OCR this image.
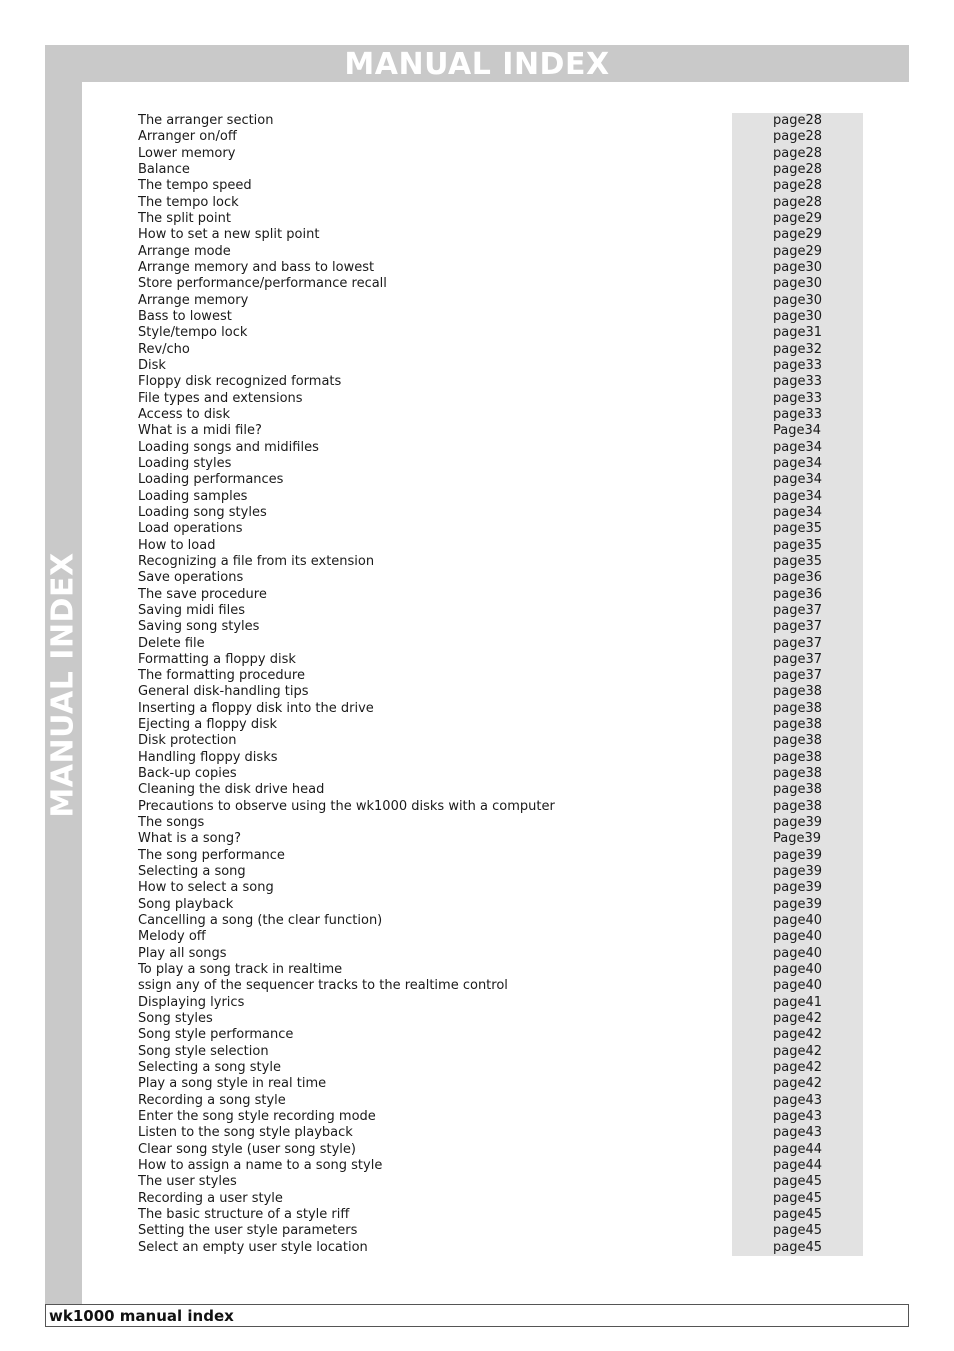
MANUAL INDEX
MANUAL INDEX
The arranger section	page28
Arranger on/off	page28
Lower memory	page28
Balance	page28
The tempo speed	page28
The tempo lock	page28
The split point	page29
How to set a new split point	page29
Arrange mode	page29
Arrange memory and bass to lowest	page30
Store performance/performance recall	page30
Arrange memory	page30
Bass to lowest	page30
Style/tempo lock	page31
Rev/cho	page32
Disk	page33
Floppy disk recognized formats	page33
File types and extensions	page33
Access to disk	page33
What is a midi file?	Page34
Loading songs and midifiles	page34
Loading styles	page34
Loading performances	page34
Loading samples	page34
Loading song styles	page34
Load operations	page35
How to load	page35
Recognizing a file from its extension	page35
Save operations	page36
The save procedure	page36
Saving midi files	page37
Saving song styles	page37
Delete file	page37
Formatting a floppy disk	page37
The formatting procedure	page37
General disk-handling tips	page38
Inserting a floppy disk into the drive	page38
Ejecting a floppy disk	page38
Disk protection	page38
Handling floppy disks	page38
Back-up copies	page38
Cleaning the disk drive head	page38
Precautions to observe using the wk1000 disks with a computer	page38
The songs	page39
What is a song?	Page39
The song performance	page39
Selecting a song	page39
How to select a song	page39
Song playback	page39
Cancelling a song (the clear function)	page40
Melody off	page40
Play all songs	page40
To play a song track in realtime	page40
ssign any of the sequencer tracks to the realtime control	page40
Displaying lyrics	page41
Song styles	page42
Song style performance	page42
Song style selection	page42
Selecting a song style	page42
Play a song style in real time	page42
Recording a song style	page43
Enter the song style recording mode	page43
Listen to the song style playback	page43
Clear song style (user song style)	page44
How to assign a name to a song style	page44
The user styles	page45
Recording a user style	page45
The basic structure of a style riff	page45
Setting the user style parameters	page45
Select an empty user style location	page45
wk1000 manual index
